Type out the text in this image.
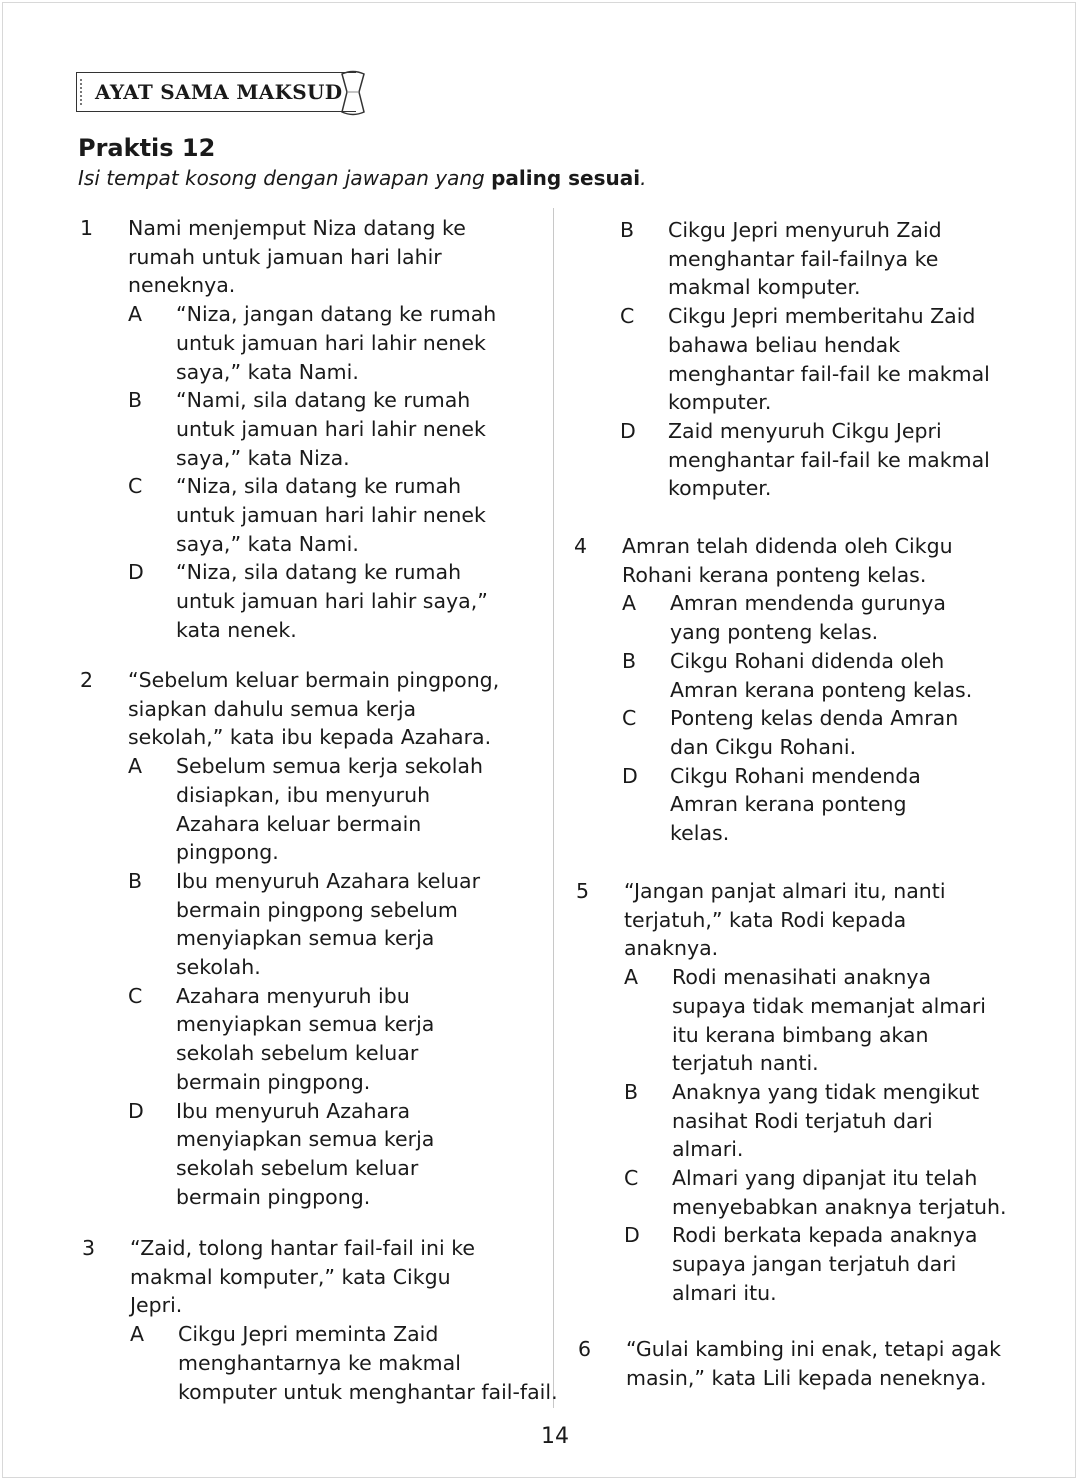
AYAT SAMA MAKSUD
Praktis 12
Isi tempat kosong dengan jawapan yang paling sesuai.
1 Nami menjemput Niza datang ke
rumah untuk jamuan hari lahir
neneknya.
A	“Niza, jangan datang ke rumah
untuk jamuan hari lahir nenek
saya,” kata Nami.
B	“Nami, sila datang ke rumah
untuk jamuan hari lahir nenek
saya,” kata Niza.
C	“Niza, sila datang ke rumah
untuk jamuan hari lahir nenek
saya,” kata Nami.
D	“Niza, sila datang ke rumah
untuk jamuan hari lahir saya,”
kata nenek.
2 “Sebelum keluar bermain pingpong,
siapkan dahulu semua kerja
sekolah,” kata ibu kepada Azahara.
A	Sebelum semua kerja sekolah
disiapkan, ibu menyuruh
Azahara keluar bermain
pingpong.
B	Ibu menyuruh Azahara keluar
bermain pingpong sebelum
menyiapkan semua kerja
sekolah.
C	Azahara menyuruh ibu
menyiapkan semua kerja
sekolah sebelum keluar
bermain pingpong.
D	Ibu menyuruh Azahara
menyiapkan semua kerja
sekolah sebelum keluar
bermain pingpong.
3 “Zaid, tolong hantar fail-fail ini ke
makmal komputer,” kata Cikgu
Jepri.
A	Cikgu Jepri meminta Zaid
menghantarnya ke makmal
komputer untuk menghantar fail-fail.
B	Cikgu Jepri menyuruh Zaid
menghantar fail-failnya ke
makmal komputer.
C	Cikgu Jepri memberitahu Zaid
bahawa beliau hendak
menghantar fail-fail ke makmal
komputer.
D	Zaid menyuruh Cikgu Jepri
menghantar fail-fail ke makmal
komputer.
4 Amran telah didenda oleh Cikgu
Rohani kerana ponteng kelas.
A	Amran mendenda gurunya
yang ponteng kelas.
B	Cikgu Rohani didenda oleh
Amran kerana ponteng kelas.
C	Ponteng kelas denda Amran
dan Cikgu Rohani.
D	Cikgu Rohani mendenda
Amran kerana ponteng
kelas.
5 “Jangan panjat almari itu, nanti
terjatuh,” kata Rodi kepada
anaknya.
A	Rodi menasihati anaknya
supaya tidak memanjat almari
itu kerana bimbang akan
terjatuh nanti.
B	Anaknya yang tidak mengikut
nasihat Rodi terjatuh dari
almari.
C	Almari yang dipanjat itu telah
menyebabkan anaknya terjatuh.
D	Rodi berkata kepada anaknya
supaya jangan terjatuh dari
almari itu.
6 “Gulai kambing ini enak, tetapi agak
masin,” kata Lili kepada neneknya.
14
